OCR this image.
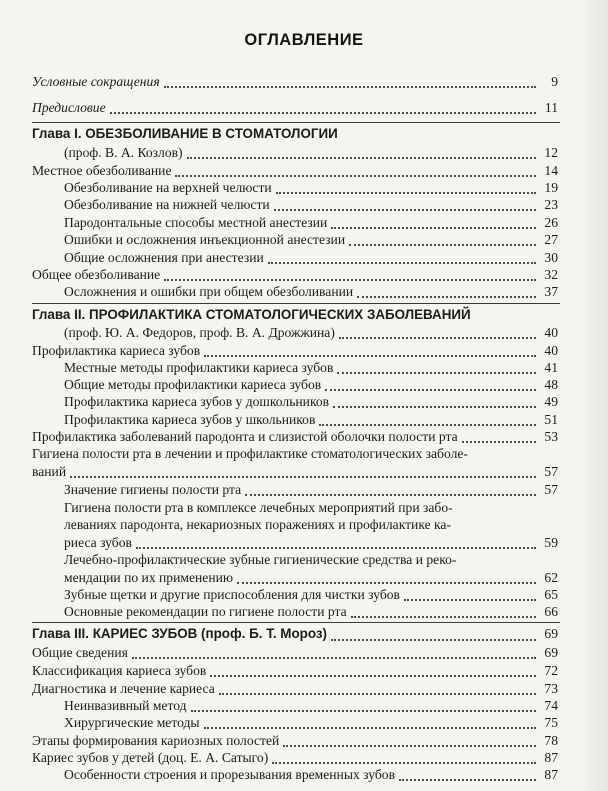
ОГЛАВЛЕНИЕ
Условные сокращения	9
Предисловие	11
Глава I. ОБЕЗБОЛИВАНИЕ В СТОМАТОЛОГИИ
(проф. В. А. Козлов)	12
Местное обезболивание	14
Обезболивание на верхней челюсти	19
Обезболивание на нижней челюсти	23
Пародонтальные способы местной анестезии	26
Ошибки и осложнения инъекционной анестезии	27
Общие осложнения при анестезии	30
Общее обезболивание	32
Осложнения и ошибки при общем обезболивании	37
Глава II. ПРОФИЛАКТИКА СТОМАТОЛОГИЧЕСКИХ ЗАБОЛЕВАНИЙ
(проф. Ю. А. Федоров, проф. В. А. Дрожжина)	40
Профилактика кариеса зубов	40
Местные методы профилактики кариеса зубов	41
Общие методы профилактики кариеса зубов	48
Профилактика кариеса зубов у дошкольников	49
Профилактика кариеса зубов у школьников	51
Профилактика заболеваний пародонта и слизистой оболочки полости рта	53
Гигиена полости рта в лечении и профилактике стоматологических заболе-
ваний	57
Значение гигиены полости рта	57
Гигиена полости рта в комплексе лечебных мероприятий при забо-
леваниях пародонта, некариозных поражениях и профилактике ка-
риеса зубов	59
Лечебно-профилактические зубные гигиенические средства и реко-
мендации по их применению	62
Зубные щетки и другие приспособления для чистки зубов	65
Основные рекомендации по гигиене полости рта	66
Глава III. КАРИЕС ЗУБОВ (проф. Б. Т. Мороз)	69
Общие сведения	69
Классификация кариеса зубов	72
Диагностика и лечение кариеса	73
Неинвазивный метод	74
Хирургические методы	75
Этапы формирования кариозных полостей	78
Кариес зубов у детей (доц. Е. А. Сатыго)	87
Особенности строения и прорезывания временных зубов	87
